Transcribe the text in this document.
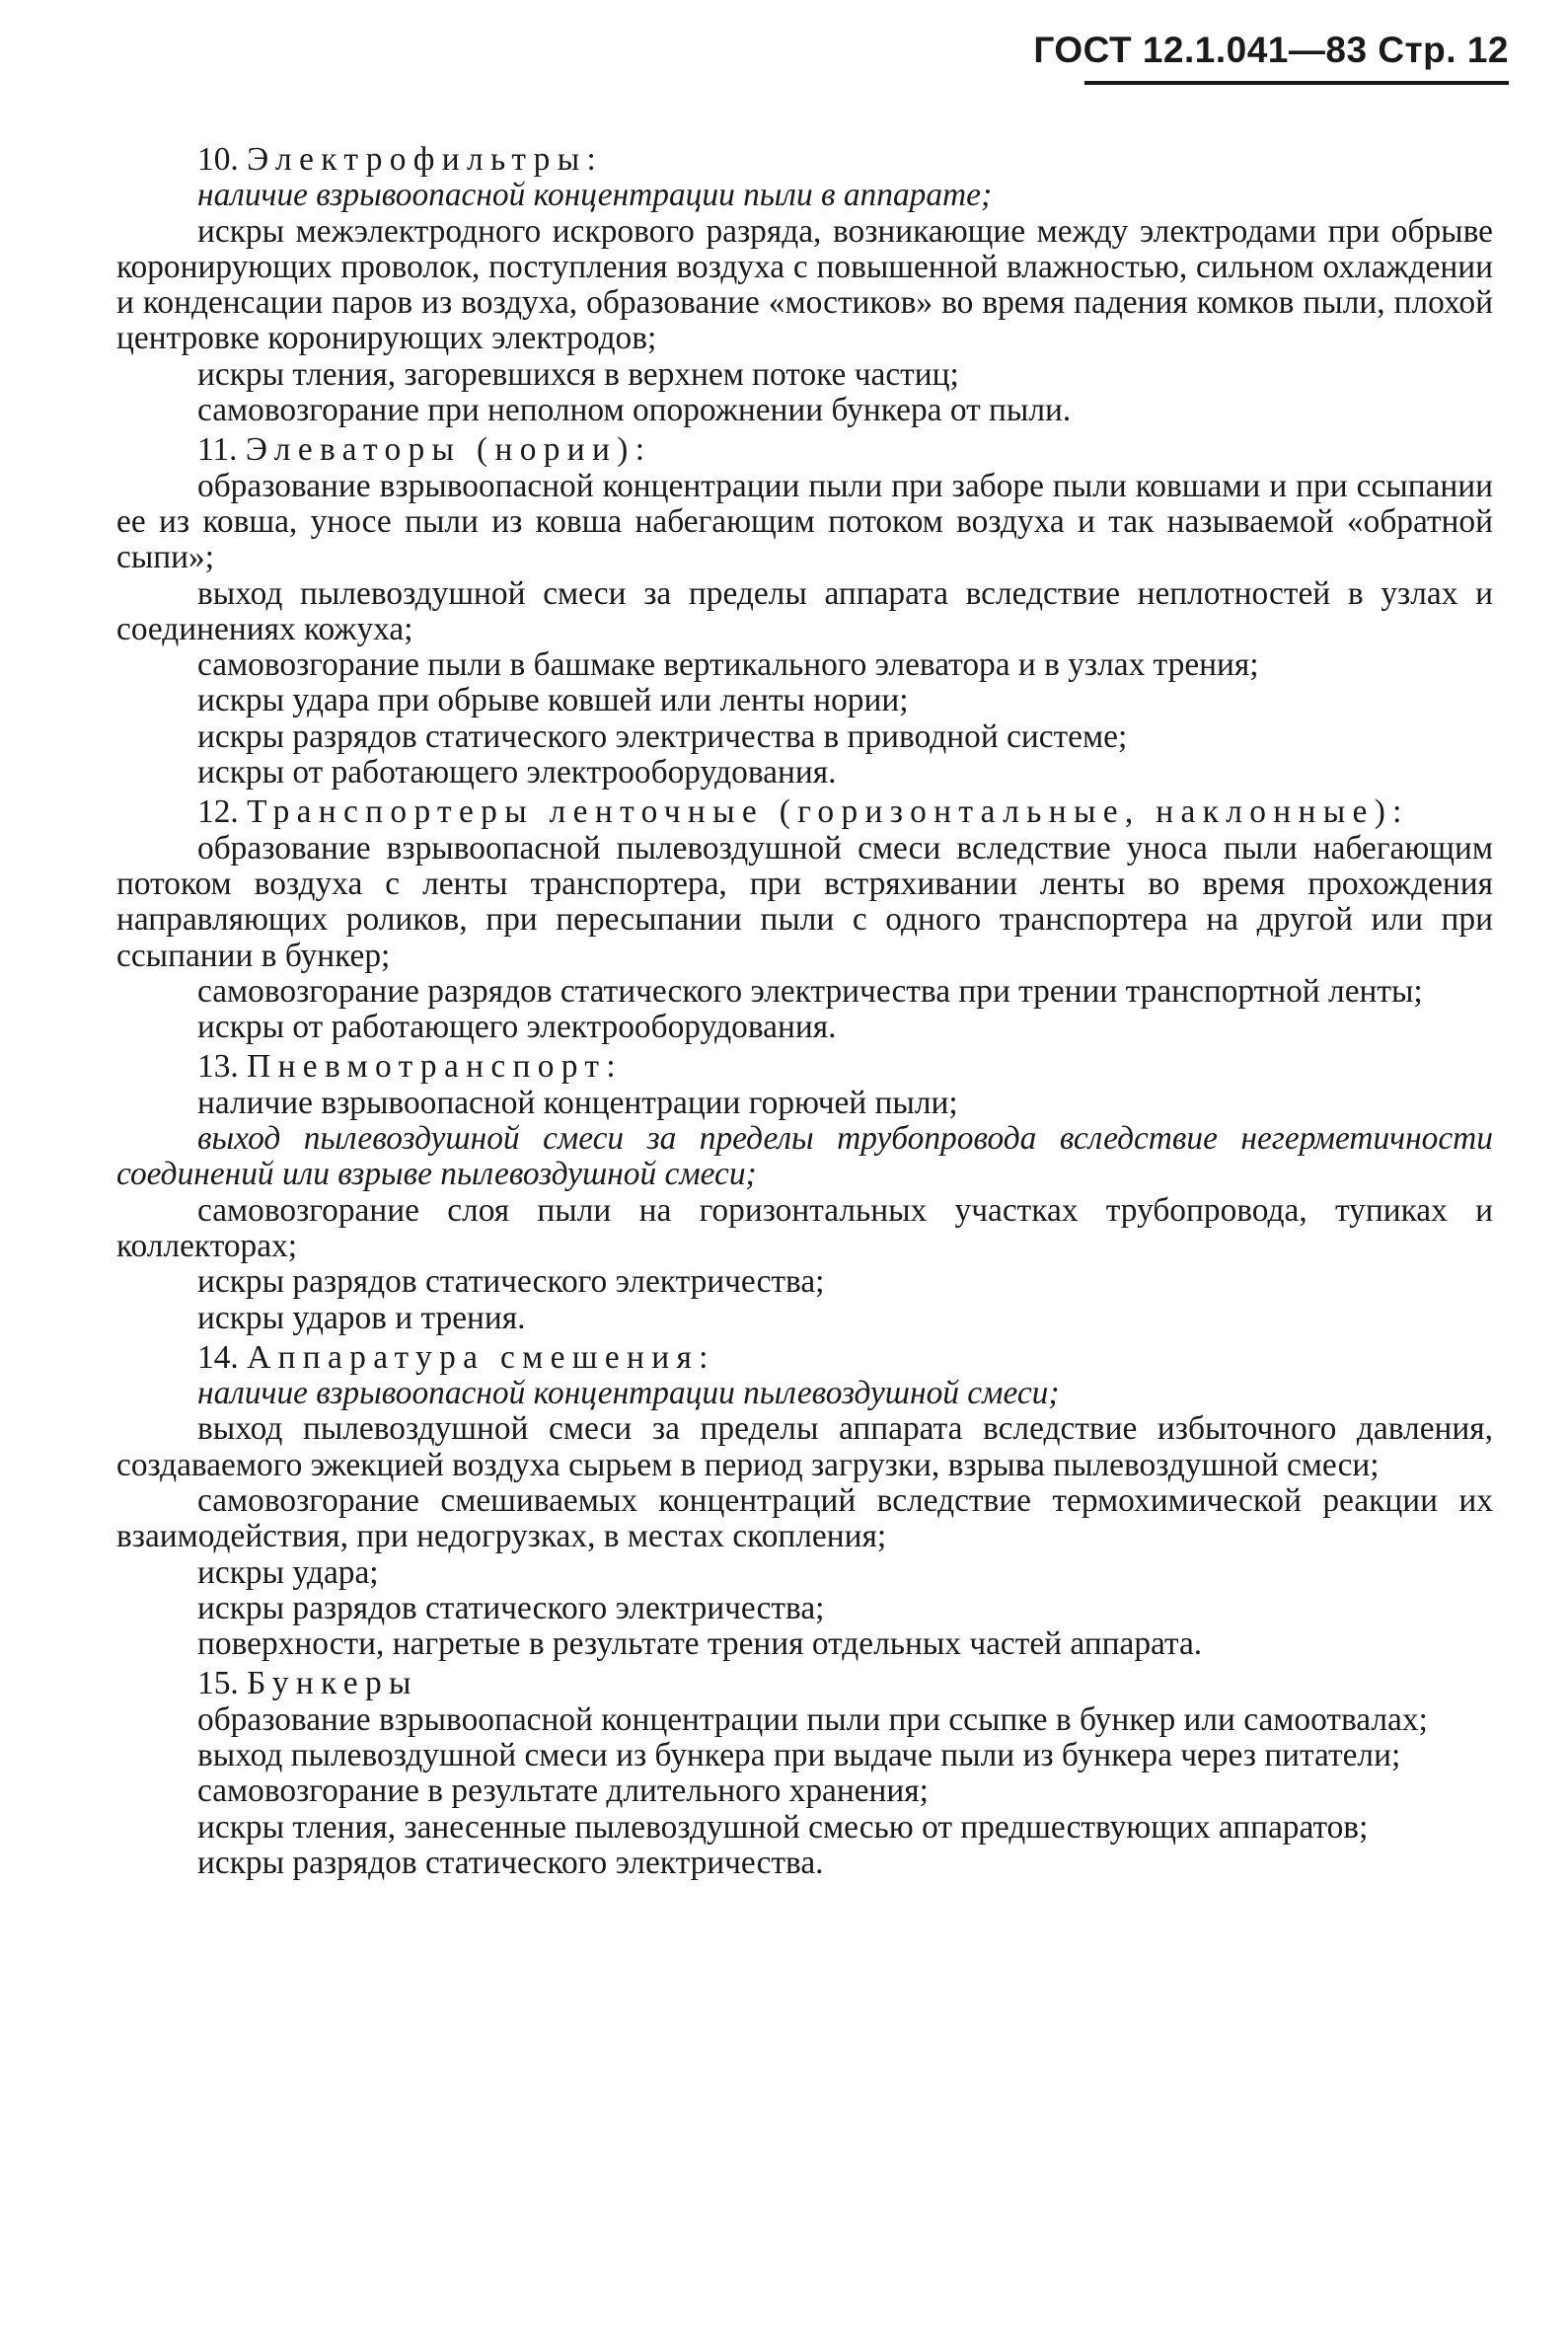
ГОСТ 12.1.041—83 Стр. 12

10. Электрофильтры:

наличие взрывоопасной концентрации пыли в аппарате;

искры межэлектродного искрового разряда, возникающие между электродами при обрыве коронирующих проволок, поступления воздуха с повышенной влажностью, сильном охлаждении и конденсации паров из воздуха, образование «мостиков» во время падения комков пыли, плохой центровке коронирующих электродов;

искры тления, загоревшихся в верхнем потоке частиц;

самовозгорание при неполном опорожнении бункера от пыли.

11. Элеваторы (нории):

образование взрывоопасной концентрации пыли при заборе пыли ковшами и при ссыпании ее из ковша, уносе пыли из ковша набегающим потоком воздуха и так называемой «обратной сыпи»;

выход пылевоздушной смеси за пределы аппарата вследствие неплотностей в узлах и соединениях кожуха;

самовозгорание пыли в башмаке вертикального элеватора и в узлах трения;

искры удара при обрыве ковшей или ленты нории;

искры разрядов статического электричества в приводной системе;

искры от работающего электрооборудования.

12. Транспортеры ленточные (горизонтальные, наклонные):

образование взрывоопасной пылевоздушной смеси вследствие уноса пыли набегающим потоком воздуха с ленты транспортера, при встряхивании ленты во время прохождения направляющих роликов, при пересыпании пыли с одного транспортера на другой или при ссыпании в бункер;

самовозгорание разрядов статического электричества при трении транспортной ленты;

искры от работающего электрооборудования.

13. Пневмотранспорт:

наличие взрывоопасной концентрации горючей пыли;

выход пылевоздушной смеси за пределы трубопровода вследствие негерметичности соединений или взрыве пылевоздушной смеси;

самовозгорание слоя пыли на горизонтальных участках трубопровода, тупиках и коллекторах;

искры разрядов статического электричества;

искры ударов и трения.

14. Аппаратура смешения:

наличие взрывоопасной концентрации пылевоздушной смеси;

выход пылевоздушной смеси за пределы аппарата вследствие избыточного давления, создаваемого эжекцией воздуха сырьем в период загрузки, взрыва пылевоздушной смеси;

самовозгорание смешиваемых концентраций вследствие термохимической реакции их взаимодействия, при недогрузках, в местах скопления;

искры удара;

искры разрядов статического электричества;

поверхности, нагретые в результате трения отдельных частей аппарата.

15. Бункеры

образование взрывоопасной концентрации пыли при ссыпке в бункер или самоотвалах;

выход пылевоздушной смеси из бункера при выдаче пыли из бункера через питатели;

самовозгорание в результате длительного хранения;

искры тления, занесенные пылевоздушной смесью от предшествующих аппаратов;

искры разрядов статического электричества.
